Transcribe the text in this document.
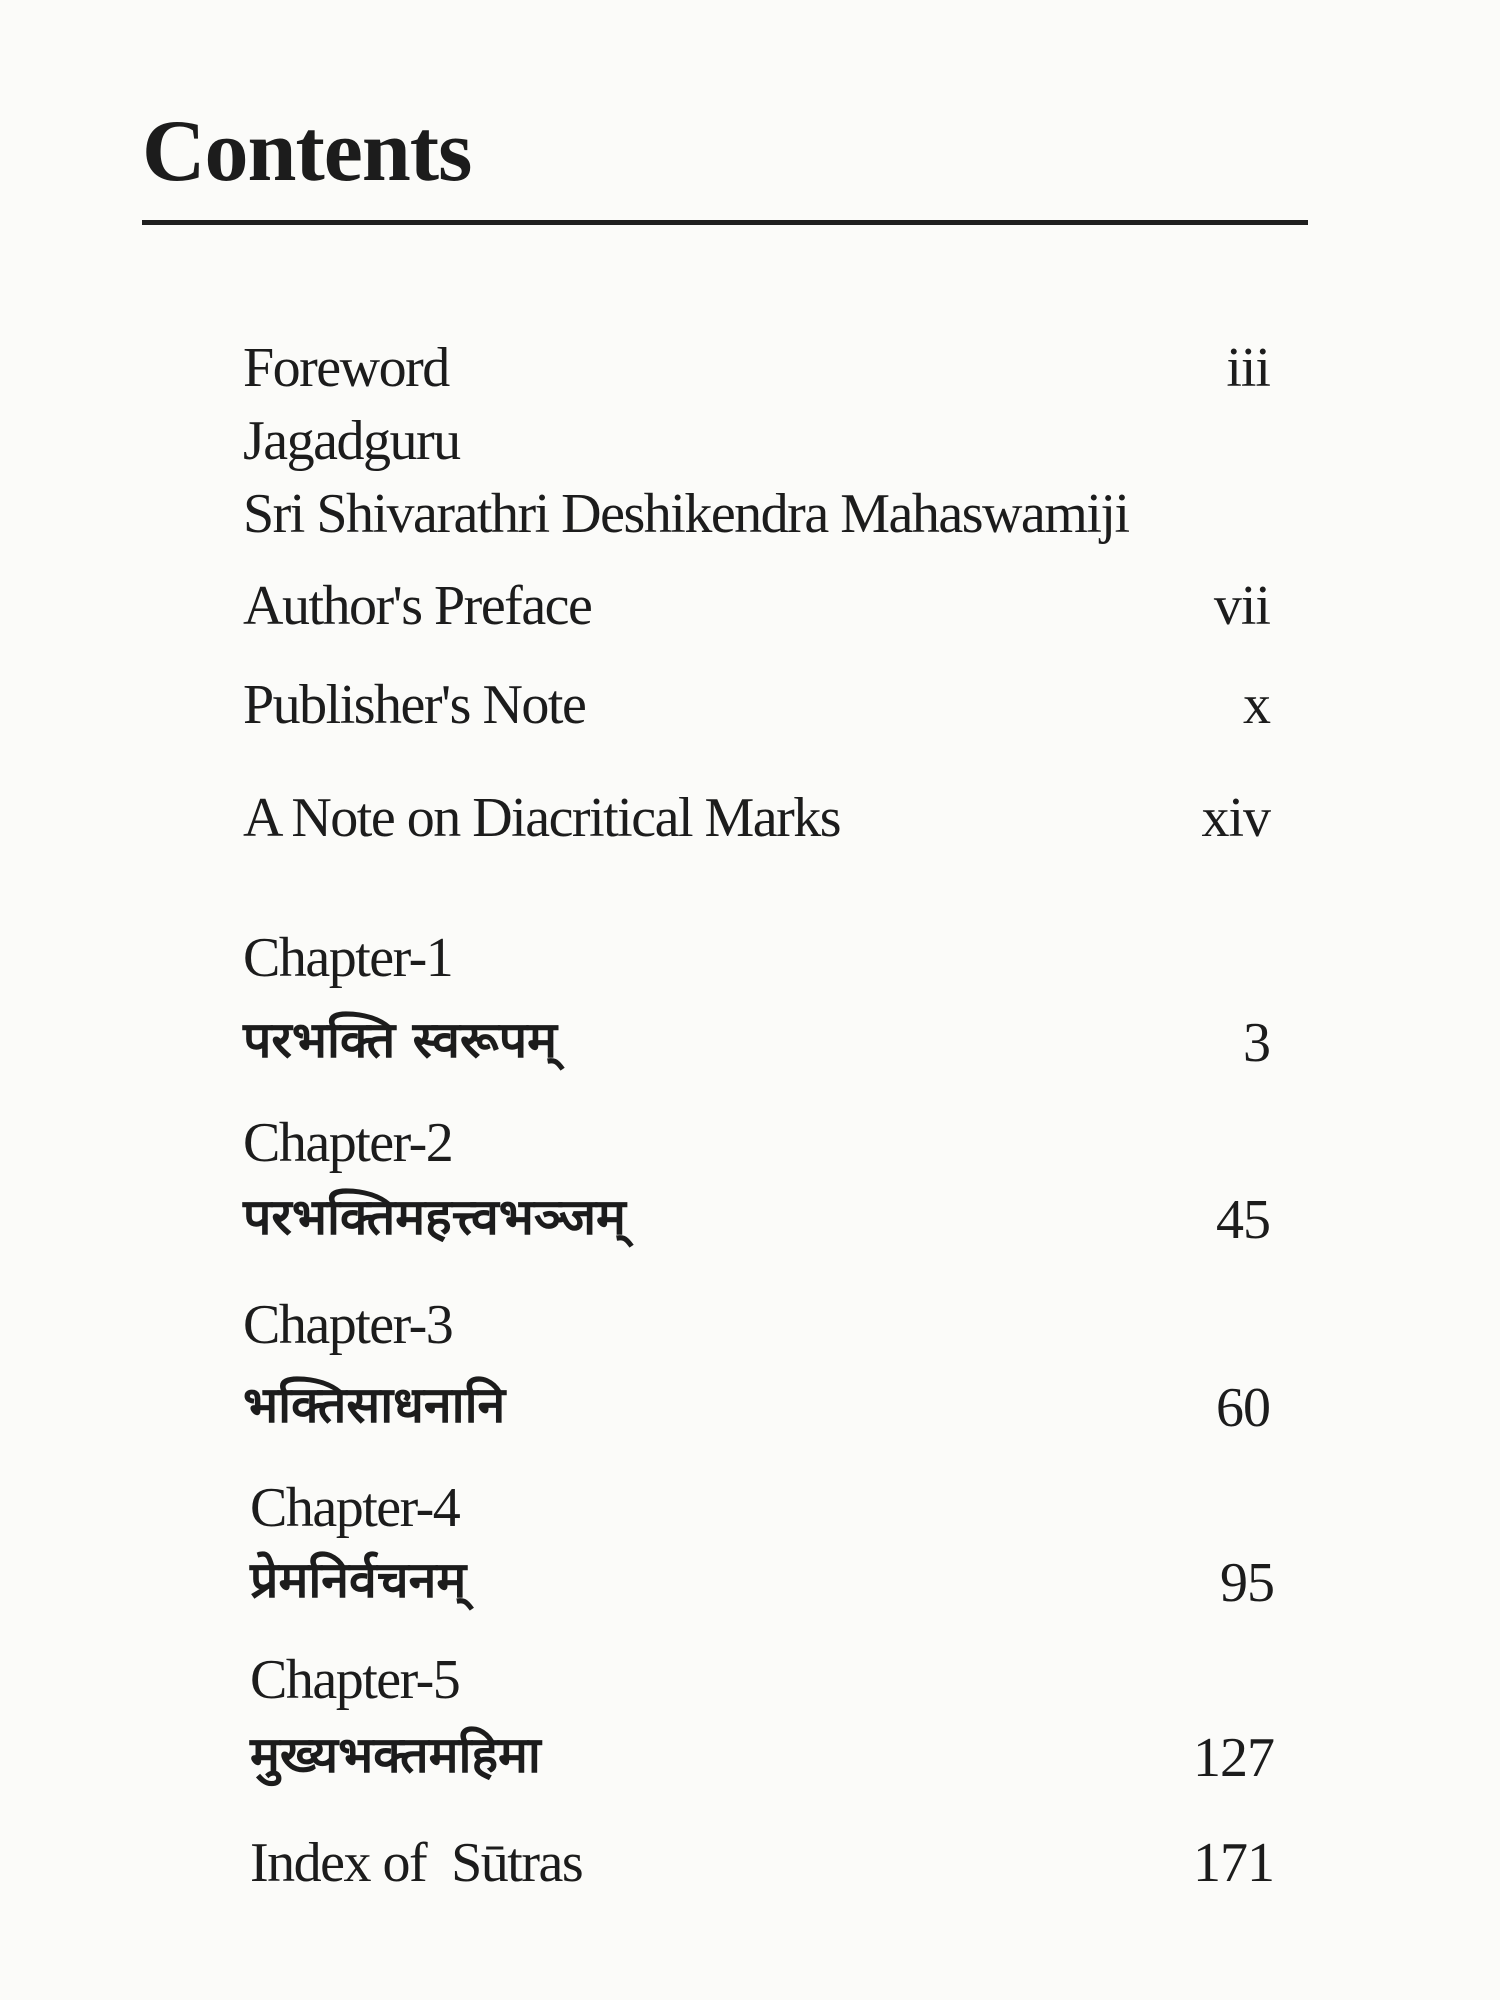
Contents
Foreword	iii
Jagadguru
Sri Shivarathri Deshikendra Mahaswamiji
Author's Preface	vii
Publisher's Note	x
A Note on Diacritical Marks	xiv
Chapter-1
परभक्ति स्वरूपम्	3
Chapter-2
परभक्तिमहत्त्वभञ्जम्	45
Chapter-3
भक्तिसाधनानि	60
Chapter-4
प्रेमनिर्वचनम्	95
Chapter-5
मुख्यभक्तमहिमा	127
Index of  Sūtras	171
